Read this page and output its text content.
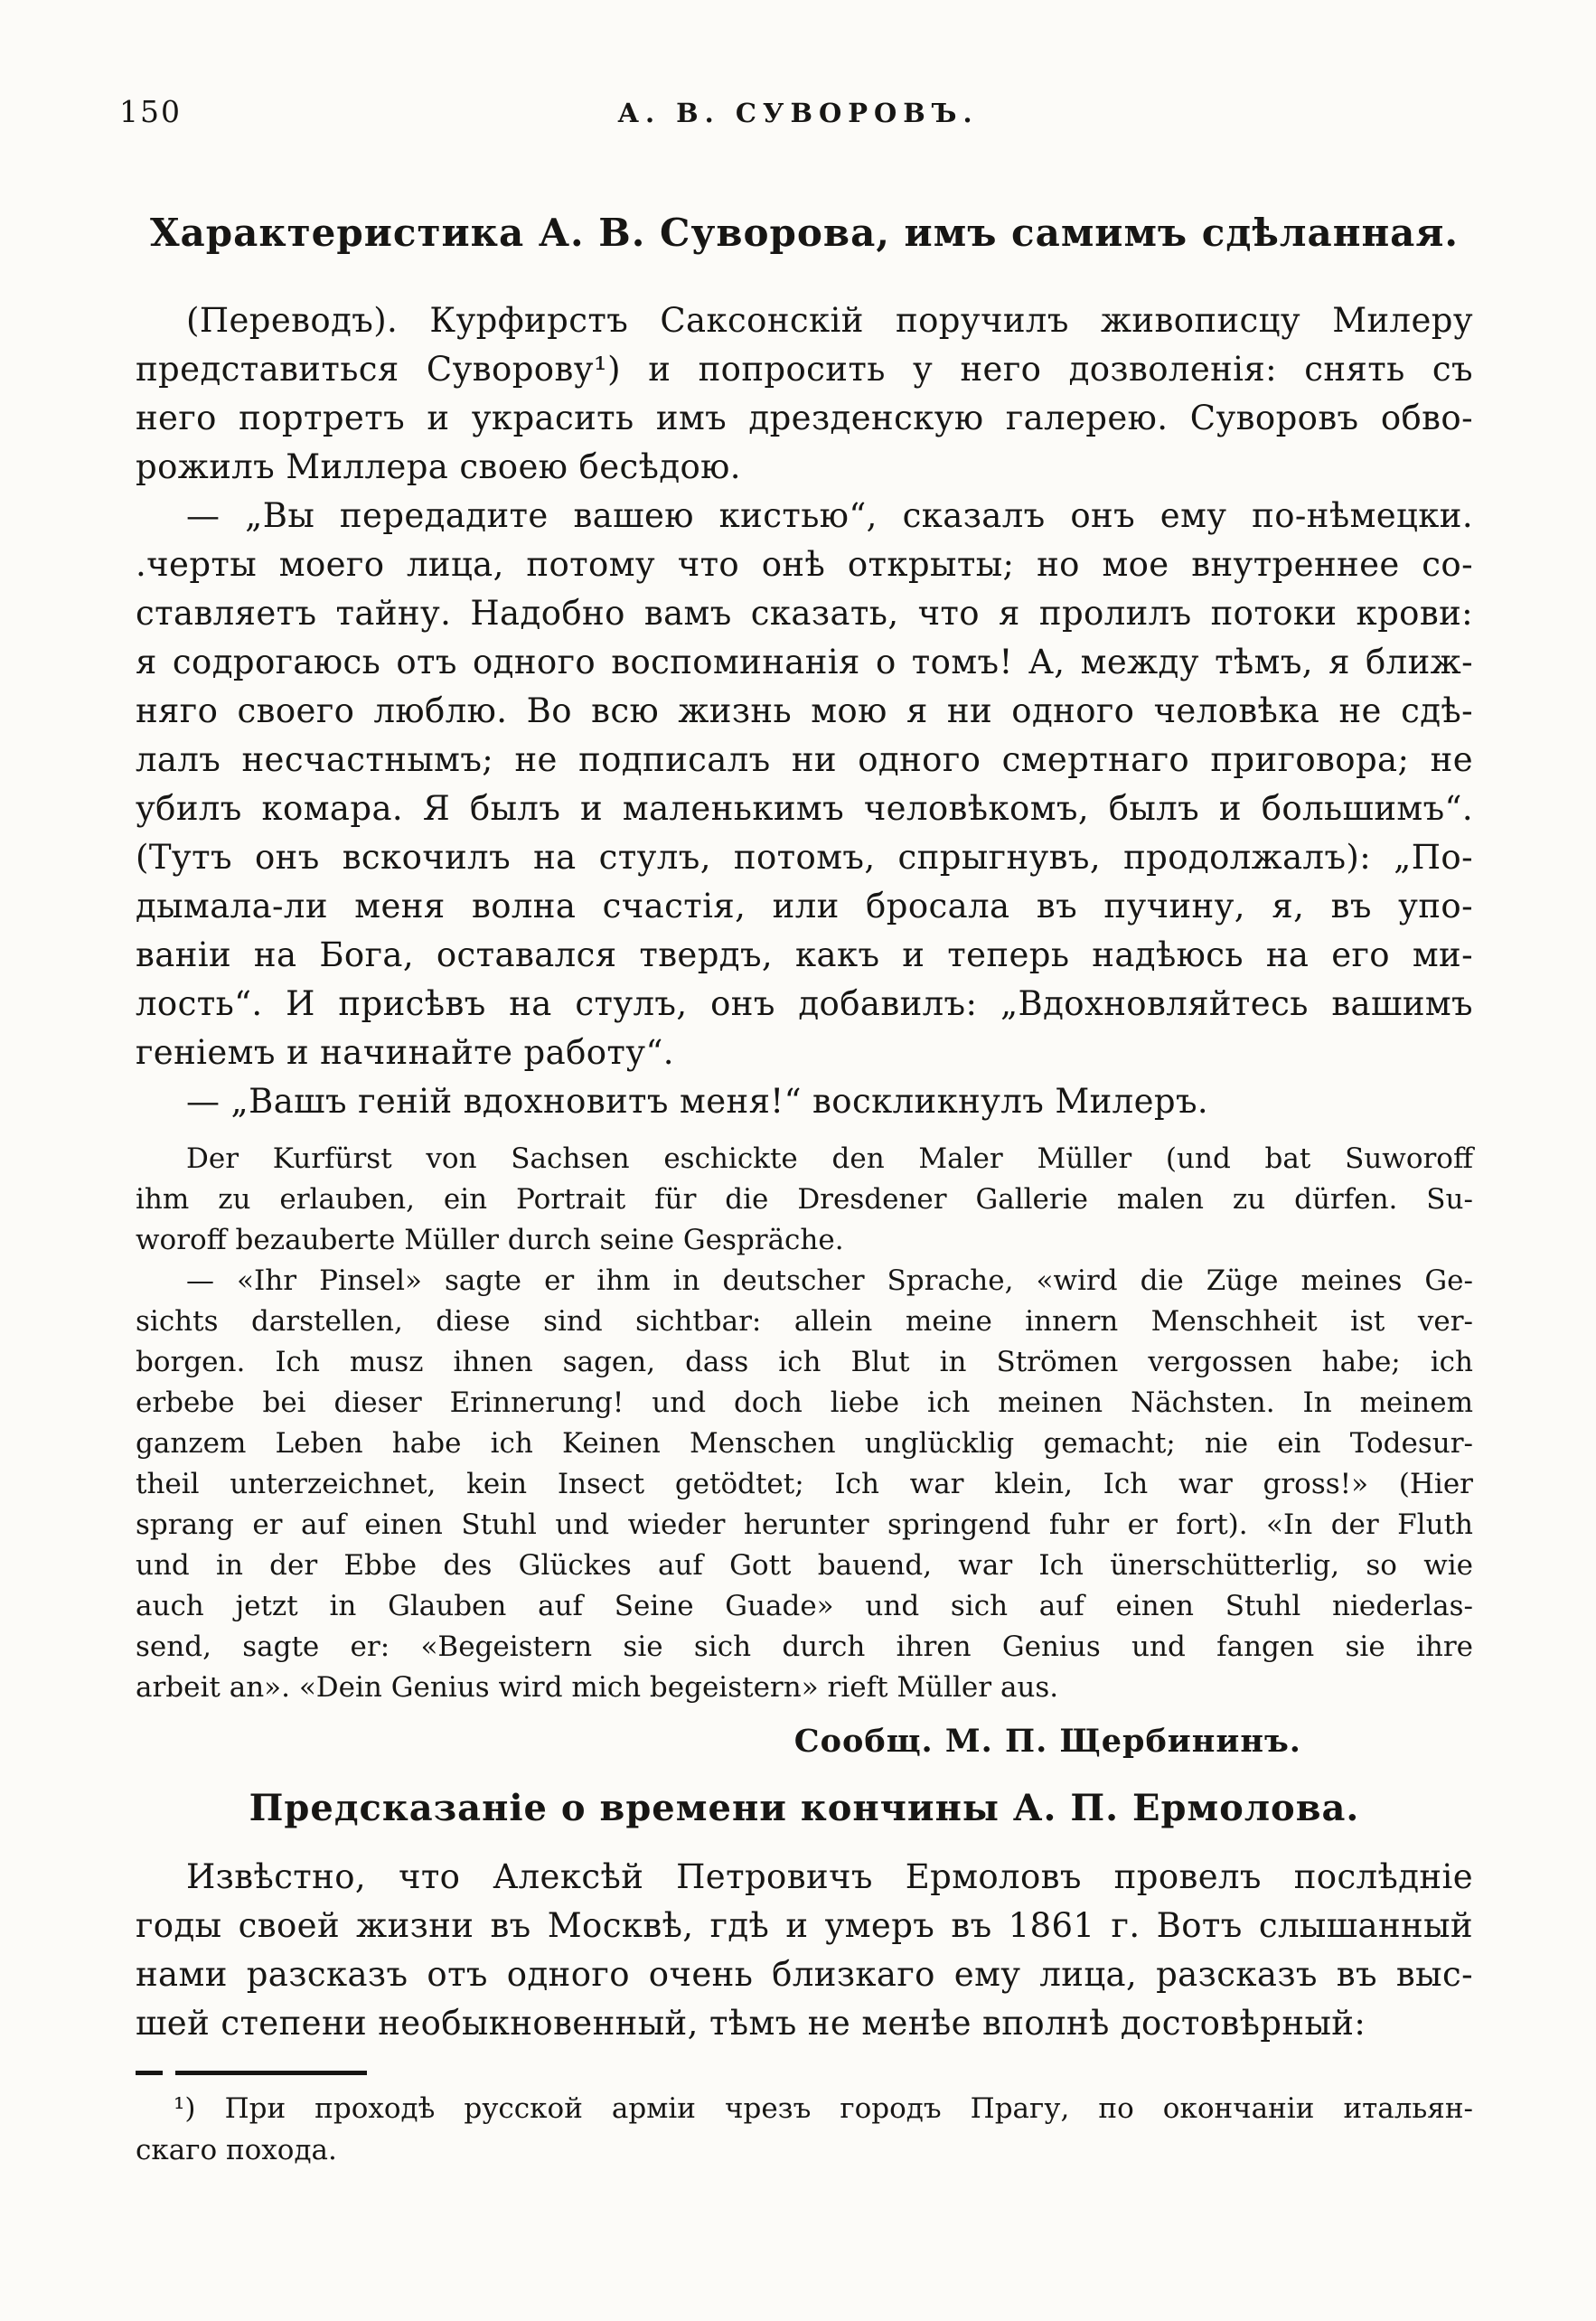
150	А. В. СУВОРОВЪ.
Характеристика А. В. Суворова, имъ самимъ сдѣланная.
(Переводъ). Курфирстъ Саксонскій поручилъ живописцу Милеру
представиться Суворову¹) и попросить у него дозволенія: снять съ
него портретъ и украсить имъ дрезденскую галерею. Суворовъ обво-
рожилъ Миллера своею бесѣдою.
— „Вы передадите вашею кистью“, сказалъ онъ ему по-нѣмецки.
.черты моего лица, потому что онѣ открыты; но мое внутреннее со-
ставляетъ тайну. Надобно вамъ сказать, что я пролилъ потоки крови:
я содрогаюсь отъ одного воспоминанія о томъ! А, между тѣмъ, я ближ-
няго своего люблю. Во всю жизнь мою я ни одного человѣка не сдѣ-
лалъ несчастнымъ; не подписалъ ни одного смертнаго приговора; не
убилъ комара. Я былъ и маленькимъ человѣкомъ, былъ и большимъ“.
(Тутъ онъ вскочилъ на стулъ, потомъ, спрыгнувъ, продолжалъ): „По-
дымала-ли меня волна счастія, или бросала въ пучину, я, въ упо-
ваніи на Бога, оставался твердъ, какъ и теперь надѣюсь на его ми-
лость“. И присѣвъ на стулъ, онъ добавилъ: „Вдохновляйтесь вашимъ
геніемъ и начинайте работу“.
— „Вашъ геній вдохновитъ меня!“ воскликнулъ Милеръ.
Der Kurfürst von Sachsen eschickte den Maler Müller (und bat Suworoff
ihm zu erlauben, ein Portrait für die Dresdener Gallerie malen zu dürfen. Su-
woroff bezauberte Müller durch seine Gespräche.
— «Ihr Pinsel» sagte er ihm in deutscher Sprache, «wird die Züge meines Ge-
sichts darstellen, diese sind sichtbar: allein meine innern Menschheit ist ver-
borgen. Ich musz ihnen sagen, dass ich Blut in Strömen vergossen habe; ich
erbebe bei dieser Erinnerung! und doch liebe ich meinen Nächsten. In meinem
ganzem Leben habe ich Keinen Menschen unglücklig gemacht; nie ein Todesur-
theil unterzeichnet, kein Insect getödtet; Ich war klein, Ich war gross!» (Hier
sprang er auf einen Stuhl und wieder herunter springend fuhr er fort). «In der Fluth
und in der Ebbe des Glückes auf Gott bauend, war Ich ünerschütterlig, so wie
auch jetzt in Glauben auf Seine Guade» und sich auf einen Stuhl niederlas-
send, sagte er: «Begeistern sie sich durch ihren Genius und fangen sie ihre
arbeit an». «Dein Genius wird mich begeistern» rieft Müller aus.
Сообщ. М. П. Щербининъ.
Предсказаніе о времени кончины А. П. Ермолова.
Извѣстно, что Алексѣй Петровичъ Ермоловъ провелъ послѣдніе
годы своей жизни въ Москвѣ, гдѣ и умеръ въ 1861 г. Вотъ слышанный
нами разсказъ отъ одного очень близкаго ему лица, разсказъ въ выс-
шей степени необыкновенный, тѣмъ не менѣе вполнѣ достовѣрный:
¹) При проходѣ русской арміи чрезъ городъ Прагу, по окончаніи итальян-
скаго похода.
